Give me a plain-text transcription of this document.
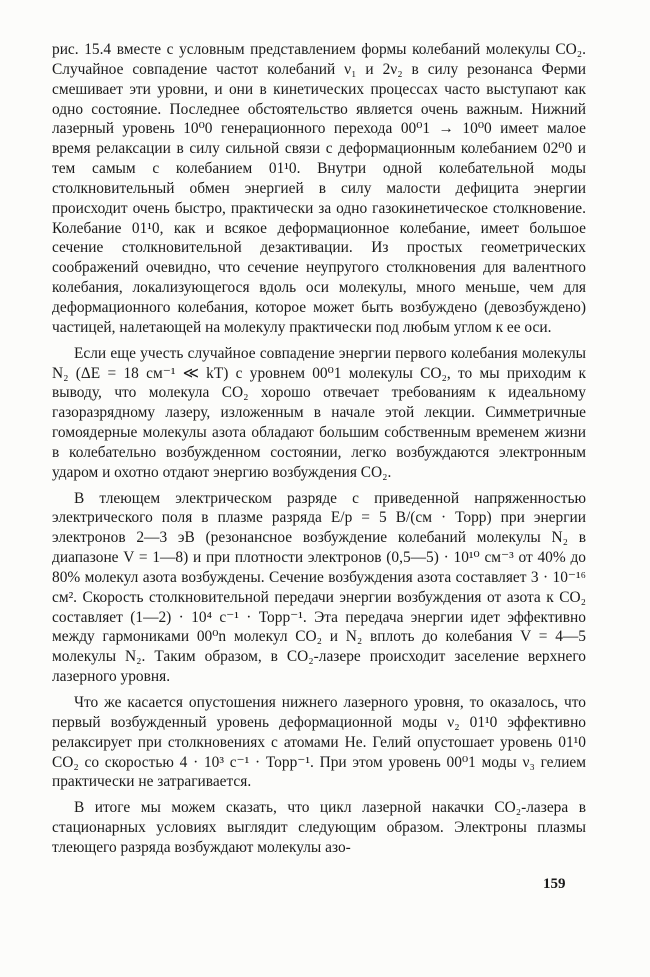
рис. 15.4 вместе с условным представлением формы колебаний молекулы CO₂. Случайное совпадение частот колебаний ν₁ и 2ν₂ в силу резонанса Ферми смешивает эти уровни, и они в кинетических процессах часто выступают как одно состояние. Последнее обстоятельство является очень важным. Нижний лазерный уровень 10⁰0 генерационного перехода 00⁰1 → 10⁰0 имеет малое время релаксации в силу сильной связи с деформационным колебанием 02⁰0 и тем самым с колебанием 01¹0. Внутри одной колебательной моды столкновительный обмен энергией в силу малости дефицита энергии происходит очень быстро, практически за одно газокинетическое столкновение. Колебание 01¹0, как и всякое деформационное колебание, имеет большое сечение столкновительной дезактивации. Из простых геометрических соображений очевидно, что сечение неупругого столкновения для валентного колебания, локализующегося вдоль оси молекулы, много меньше, чем для деформационного колебания, которое может быть возбуждено (девозбуждено) частицей, налетающей на молекулу практически под любым углом к ее оси.

Если еще учесть случайное совпадение энергии первого колебания молекулы N₂ (ΔE = 18 см⁻¹ ≪ kT) с уровнем 00⁰1 молекулы CO₂, то мы приходим к выводу, что молекула CO₂ хорошо отвечает требованиям к идеальному газоразрядному лазеру, изложенным в начале этой лекции. Симметричные гомоядерные молекулы азота обладают большим собственным временем жизни в колебательно возбужденном состоянии, легко возбуждаются электронным ударом и охотно отдают энергию возбуждения CO₂.

В тлеющем электрическом разряде с приведенной напряженностью электрического поля в плазме разряда E/p = 5 В/(см · Торр) при энергии электронов 2—3 эВ (резонансное возбуждение колебаний молекулы N₂ в диапазоне V = 1—8) и при плотности электронов (0,5—5) · 10¹⁰ см⁻³ от 40% до 80% молекул азота возбуждены. Сечение возбуждения азота составляет 3 · 10⁻¹⁶ см². Скорость столкновительной передачи энергии возбуждения от азота к CO₂ составляет (1—2) · 10⁴ с⁻¹ · Торр⁻¹. Эта передача энергии идет эффективно между гармониками 00⁰n молекул CO₂ и N₂ вплоть до колебания V = 4—5 молекулы N₂. Таким образом, в CO₂-лазере происходит заселение верхнего лазерного уровня.

Что же касается опустошения нижнего лазерного уровня, то оказалось, что первый возбужденный уровень деформационной моды ν₂ 01¹0 эффективно релаксирует при столкновениях с атомами He. Гелий опустошает уровень 01¹0 CO₂ со скоростью 4 · 10³ с⁻¹ · Торр⁻¹. При этом уровень 00⁰1 моды ν₃ гелием практически не затрагивается.

В итоге мы можем сказать, что цикл лазерной накачки CO₂-лазера в стационарных условиях выглядит следующим образом. Электроны плазмы тлеющего разряда возбуждают молекулы азо-

159
